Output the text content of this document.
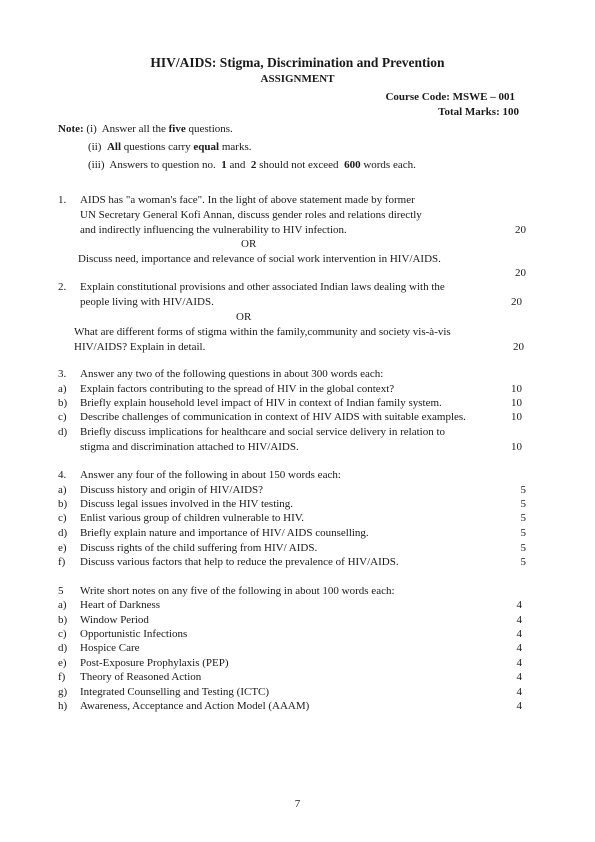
HIV/AIDS: Stigma, Discrimination and Prevention
ASSIGNMENT
Course Code: MSWE – 001
Total Marks: 100
Note: (i) Answer all the five questions.
(ii) All questions carry equal marks.
(iii) Answers to question no. 1 and 2 should not exceed 600 words each.
1. AIDS has "a woman's face". In the light of above statement made by former
UN Secretary General Kofi Annan, discuss gender roles and relations directly
and indirectly influencing the vulnerability to HIV infection.	20
OR
Discuss need, importance and relevance of social work intervention in HIV/AIDS.
20
2. Explain constitutional provisions and other associated Indian laws dealing with the
people living with HIV/AIDS.	20
OR
What are different forms of stigma within the family,community and society vis-à-vis
HIV/AIDS? Explain in detail.	20
3. Answer any two of the following questions in about 300 words each:
a) Explain factors contributing to the spread of HIV in the global context?	10
b) Briefly explain household level impact of HIV in context of Indian family system.	10
c) Describe challenges of communication in context of HIV AIDS with suitable examples.	10
d) Briefly discuss implications for healthcare and social service delivery in relation to
stigma and discrimination attached to HIV/AIDS.	10
4. Answer any four of the following in about 150 words each:
a) Discuss history and origin of HIV/AIDS?	5
b) Discuss legal issues involved in the HIV testing.	5
c) Enlist various group of children vulnerable to HIV.	5
d) Briefly explain nature and importance of HIV/ AIDS counselling.	5
e) Discuss rights of the child suffering from HIV/ AIDS.	5
f) Discuss various factors that help to reduce the prevalence of HIV/AIDS.	5
5 Write short notes on any five of the following in about 100 words each:
a) Heart of Darkness	4
b) Window Period	4
c) Opportunistic Infections	4
d) Hospice Care	4
e) Post-Exposure Prophylaxis (PEP)	4
f) Theory of Reasoned Action	4
g) Integrated Counselling and Testing (ICTC)	4
h) Awareness, Acceptance and Action Model (AAAM)	4
7
